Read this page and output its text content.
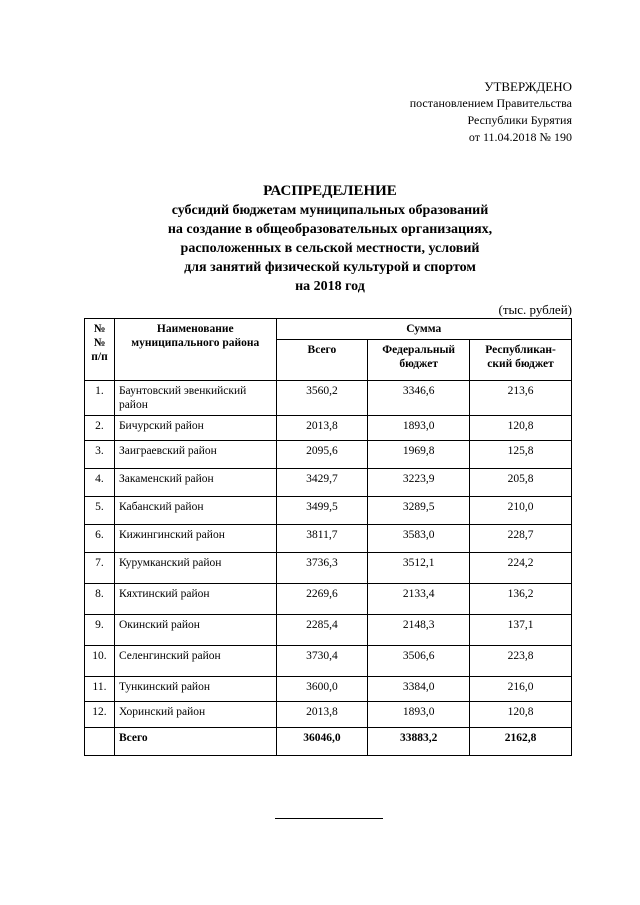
УТВЕРЖДЕНО
постановлением Правительства
Республики Бурятия
от 11.04.2018 № 190
РАСПРЕДЕЛЕНИЕ
субсидий бюджетам муниципальных образований
на создание в общеобразовательных организациях,
расположенных в сельской местности, условий
для занятий физической культурой и спортом
на 2018 год
(тыс. рублей)
№№ п/п	Наименование муниципального района	Сумма		
		Всего	Федеральный бюджет	Республикан-ский бюджет
1.	Баунтовский эвенкийский район	3560,2	3346,6	213,6
2.	Бичурский район	2013,8	1893,0	120,8
3.	Заиграевский район	2095,6	1969,8	125,8
4.	Закаменский район	3429,7	3223,9	205,8
5.	Кабанский район	3499,5	3289,5	210,0
6.	Кижингинский район	3811,7	3583,0	228,7
7.	Курумканский район	3736,3	3512,1	224,2
8.	Кяхтинский район	2269,6	2133,4	136,2
9.	Окинский район	2285,4	2148,3	137,1
10.	Селенгинский район	3730,4	3506,6	223,8
11.	Тункинский район	3600,0	3384,0	216,0
12.	Хоринский район	2013,8	1893,0	120,8
	Всего	36046,0	33883,2	2162,8
